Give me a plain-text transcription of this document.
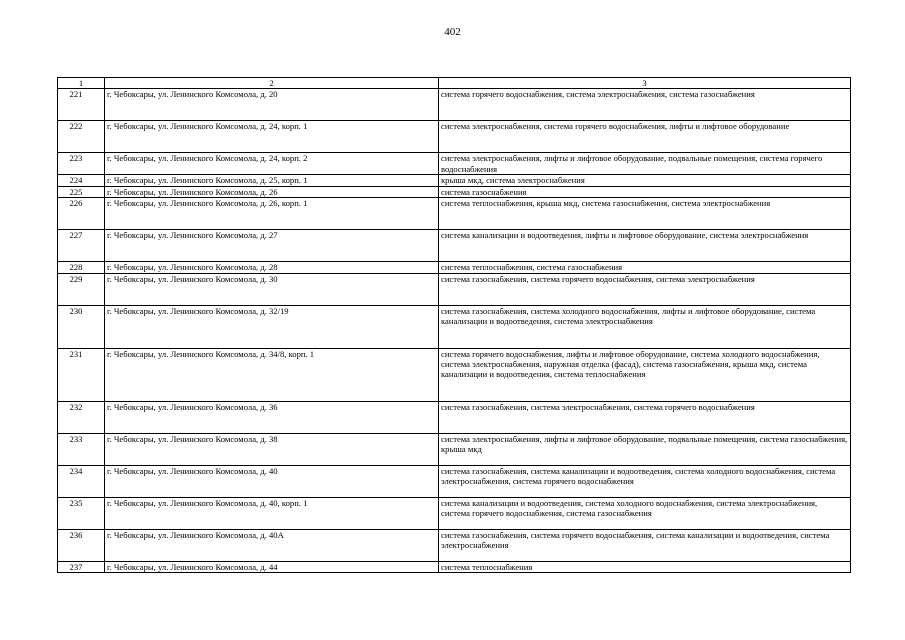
402
1	2	3
221	г. Чебоксары, ул. Ленинского Комсомола, д. 20	система горячего водоснабжения, система электроснабжения, система газоснабжения
222	г. Чебоксары, ул. Ленинского Комсомола, д. 24, корп. 1	система электроснабжения, система горячего водоснабжения, лифты и лифтовое оборудование
223	г. Чебоксары, ул. Ленинского Комсомола, д. 24, корп. 2	система электроснабжения, лифты и лифтовое оборудование, подвальные помещения, система горячего водоснабжения
224	г. Чебоксары, ул. Ленинского Комсомола, д. 25, корп. 1	крыша мкд, система электроснабжения
225	г. Чебоксары, ул. Ленинского Комсомола, д. 26	система газоснабжения
226	г. Чебоксары, ул. Ленинского Комсомола, д. 26, корп. 1	система теплоснабжения, крыша мкд, система газоснабжения, система электроснабжения
227	г. Чебоксары, ул. Ленинского Комсомола, д. 27	система канализации и водоотведения, лифты и лифтовое оборудование, система электроснабжения
228	г. Чебоксары, ул. Ленинского Комсомола, д. 28	система теплоснабжения, система газоснабжения
229	г. Чебоксары, ул. Ленинского Комсомола, д. 30	система газоснабжения, система горячего водоснабжения, система электроснабжения
230	г. Чебоксары, ул. Ленинского Комсомола, д. 32/19	система газоснабжения, система холодного водоснабжения, лифты и лифтовое оборудование, система канализации и водоотведения, система электроснабжения
231	г. Чебоксары, ул. Ленинского Комсомола, д. 34/8, корп. 1	система горячего водоснабжения, лифты и лифтовое оборудование, система холодного водоснабжения, система электроснабжения, наружная отделка (фасад), система газоснабжения, крыша мкд, система канализации и водоотведения, система теплоснабжения
232	г. Чебоксары, ул. Ленинского Комсомола, д. 36	система газоснабжения, система электроснабжения, система горячего водоснабжения
233	г. Чебоксары, ул. Ленинского Комсомола, д. 38	система электроснабжения, лифты и лифтовое оборудование, подвальные помещения, система газоснабжения, крыша мкд
234	г. Чебоксары, ул. Ленинского Комсомола, д. 40	система газоснабжения, система канализации и водоотведения, система холодного водоснабжения, система электроснабжения, система горячего водоснабжения
235	г. Чебоксары, ул. Ленинского Комсомола, д. 40, корп. 1	система канализации и водоотведения, система холодного водоснабжения, система электроснабжения, система горячего водоснабжения, система газоснабжения
236	г. Чебоксары, ул. Ленинского Комсомола, д. 40А	система газоснабжения, система горячего водоснабжения, система канализации и водоотведения, система электроснабжения
237	г. Чебоксары, ул. Ленинского Комсомола, д. 44	система теплоснабжения
